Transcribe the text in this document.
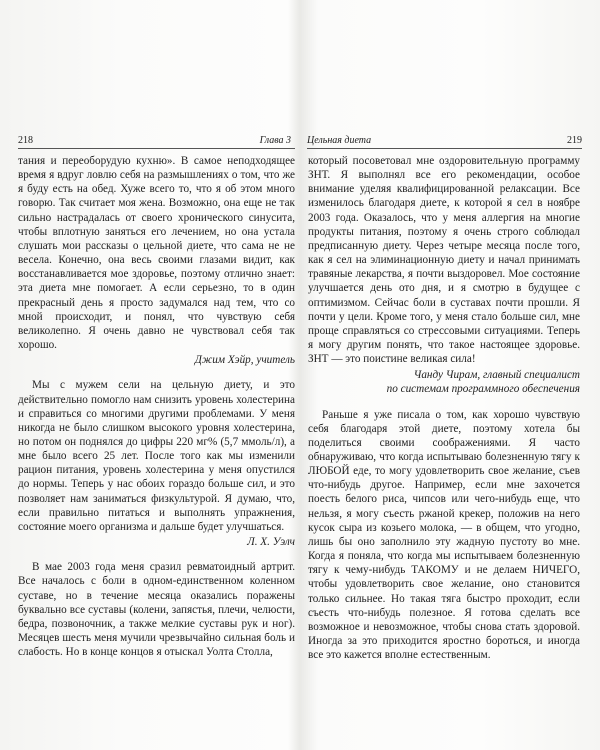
218	Глава 3 Цельная диета	219

тания и переоборудую кухню». В самое неподходящее время я вдруг ловлю себя на размышлениях о том, что же я буду есть на обед. Хуже всего то, что я об этом много говорю. Так считает моя жена. Возможно, она еще не так сильно настрадалась от своего хронического синусита, чтобы вплотную заняться его лечением, но она устала слушать мои рассказы о цельной диете, что сама не не весела. Конечно, она весь своими глазами видит, как восстанавливается мое здоровье, поэтому отлично знает: эта диета мне помогает. А если серьезно, то в один прекрасный день я просто задумался над тем, что со мной происходит, и понял, что чувствую себя великолепно. Я очень давно не чувствовал себя так хорошо.

Джим Хэйр, учитель

Мы с мужем сели на цельную диету, и это действительно помогло нам снизить уровень холестерина и справиться со многими другими проблемами. У меня никогда не было слишком высокого уровня холестерина, но потом он поднялся до цифры 220 мг% (5,7 ммоль/л), а мне было всего 25 лет. После того как мы изменили рацион питания, уровень холестерина у меня опустился до нормы. Теперь у нас обоих гораздо больше сил, и это позволяет нам заниматься физкультурой. Я думаю, что, если правильно питаться и выполнять упражнения, состояние моего организма и дальше будет улучшаться.

Л. Х. Уэлч

В мае 2003 года меня сразил ревматоидный артрит. Все началось с боли в одном-единственном коленном суставе, но в течение месяца оказались поражены буквально все суставы (колени, запястья, плечи, челюсти, бедра, позвоночник, а также мелкие суставы рук и ног). Месяцев шесть меня мучили чрезвычайно сильная боль и слабость. Но в конце концов я отыскал Уолта Столла,

который посоветовал мне оздоровительную программу ЗНТ. Я выполнял все его рекомендации, особое внимание уделяя квалифицированной релаксации. Все изменилось благодаря диете, к которой я сел в ноябре 2003 года. Оказалось, что у меня аллергия на многие продукты питания, поэтому я очень строго соблюдал предписанную диету. Через четыре месяца после того, как я сел на элиминационную диету и начал принимать травяные лекарства, я почти выздоровел. Мое состояние улучшается день ото дня, и я смотрю в будущее с оптимизмом. Сейчас боли в суставах почти прошли. Я почти у цели. Кроме того, у меня стало больше сил, мне проще справляться со стрессовыми ситуациями. Теперь я могу другим понять, что такое настоящее здоровье. ЗНТ — это поистине великая сила!

Чанду Чирам, главный специалист

по системам программного обеспечения

Раньше я уже писала о том, как хорошо чувствую себя благодаря этой диете, поэтому хотела бы поделиться своими соображениями. Я часто обнаруживаю, что когда испытываю болезненную тягу к ЛЮБОЙ еде, то могу удовлетворить свое желание, съев что-нибудь другое. Например, если мне захочется поесть белого риса, чипсов или чего-нибудь еще, что нельзя, я могу съесть ржаной крекер, положив на него кусок сыра из козьего молока, — в общем, что угодно, лишь бы оно заполнило эту жадную пустоту во мне. Когда я поняла, что когда мы испытываем болезненную тягу к чему-нибудь ТАКОМУ и не делаем НИЧЕГО, чтобы удовлетворить свое желание, оно становится только сильнее. Но такая тяга быстро проходит, если съесть что-нибудь полезное. Я готова сделать все возможное и невозможное, чтобы снова стать здоровой. Иногда за это приходится яростно бороться, и иногда все это кажется вполне естественным.
